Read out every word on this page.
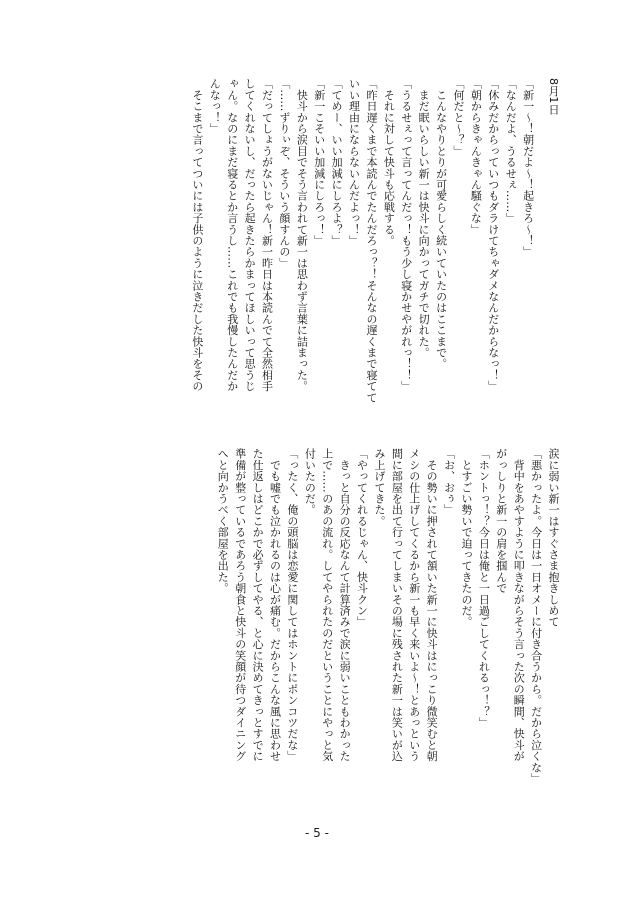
8月1日
「新一～！朝だよ～！起きろ～！」
「なんだよ、うるせぇ……」
「休みだからっていつもダラけてちゃダメなんだからなっ！」
「朝からきゃんきゃん騒ぐな」
「何だと～？」
　こんなやりとりが可愛らしく続いていたのはここまで。
　まだ眠いらしい新一は快斗に向かってガチで切れた。
「うるせぇって言ってんだっ！もう少し寝かせやがれっ！！」
　それに対して快斗も応戦する。
「昨日遅くまで本読んでたんだろっ？！そんなの遅くまで寝てて
いい理由にならないんだよっ！」
「てめー、いい加減にしろよ？」
「新一こそいい加減にしろっ！」
　快斗から涙目でそう言われて新一は思わず言葉に詰まった。
「……ずりぃぞ、そういう顔すんの」
「だってしょうがないじゃん！新一昨日は本読んでて全然相手
してくれないし、だったら起きたらかまってほしいって思うじ
ゃん。なのにまだ寝るとか言うし……これでも我慢したんだか
んなっ！」
　そこまで言ってついには子供のように泣きだした快斗をその
涙に弱い新一はすぐさま抱きしめて
「悪かったよ。今日は一日オメーに付き合うから。だから泣くな」
　背中をあやすように叩きながらそう言った次の瞬間、快斗が
がっしりと新一の肩を掴んで
「ホントっ！？今日は俺と一日過ごしてくれるっ！？」
　とすごい勢いで迫ってきたのだ。
「お、おぅ」
　その勢いに押されて頷いた新一に快斗はにっこり微笑むと朝
メシの仕上げしてくるから新一も早く来いよ～！とあっという
間に部屋を出て行ってしまいその場に残された新一は笑いが込
み上げてきた。
「やってくれるじゃん、快斗クン」
　きっと自分の反応なんて計算済みで涙に弱いこともわかった
上で……のあの流れ。してやられたのだということにやっと気
付いたのだ。
「ったく、俺の頭脳は恋愛に関してはホントにポンコツだな」
　でも嘘でも泣かれるのは心が痛む。だからこんな風に思わせ
た仕返しはどこかで必ずしてやる、と心に決めてきっとすでに
準備が整っているであろう朝食と快斗の笑顔が待つダイニング
へと向かうべく部屋を出た。
- 5 -
